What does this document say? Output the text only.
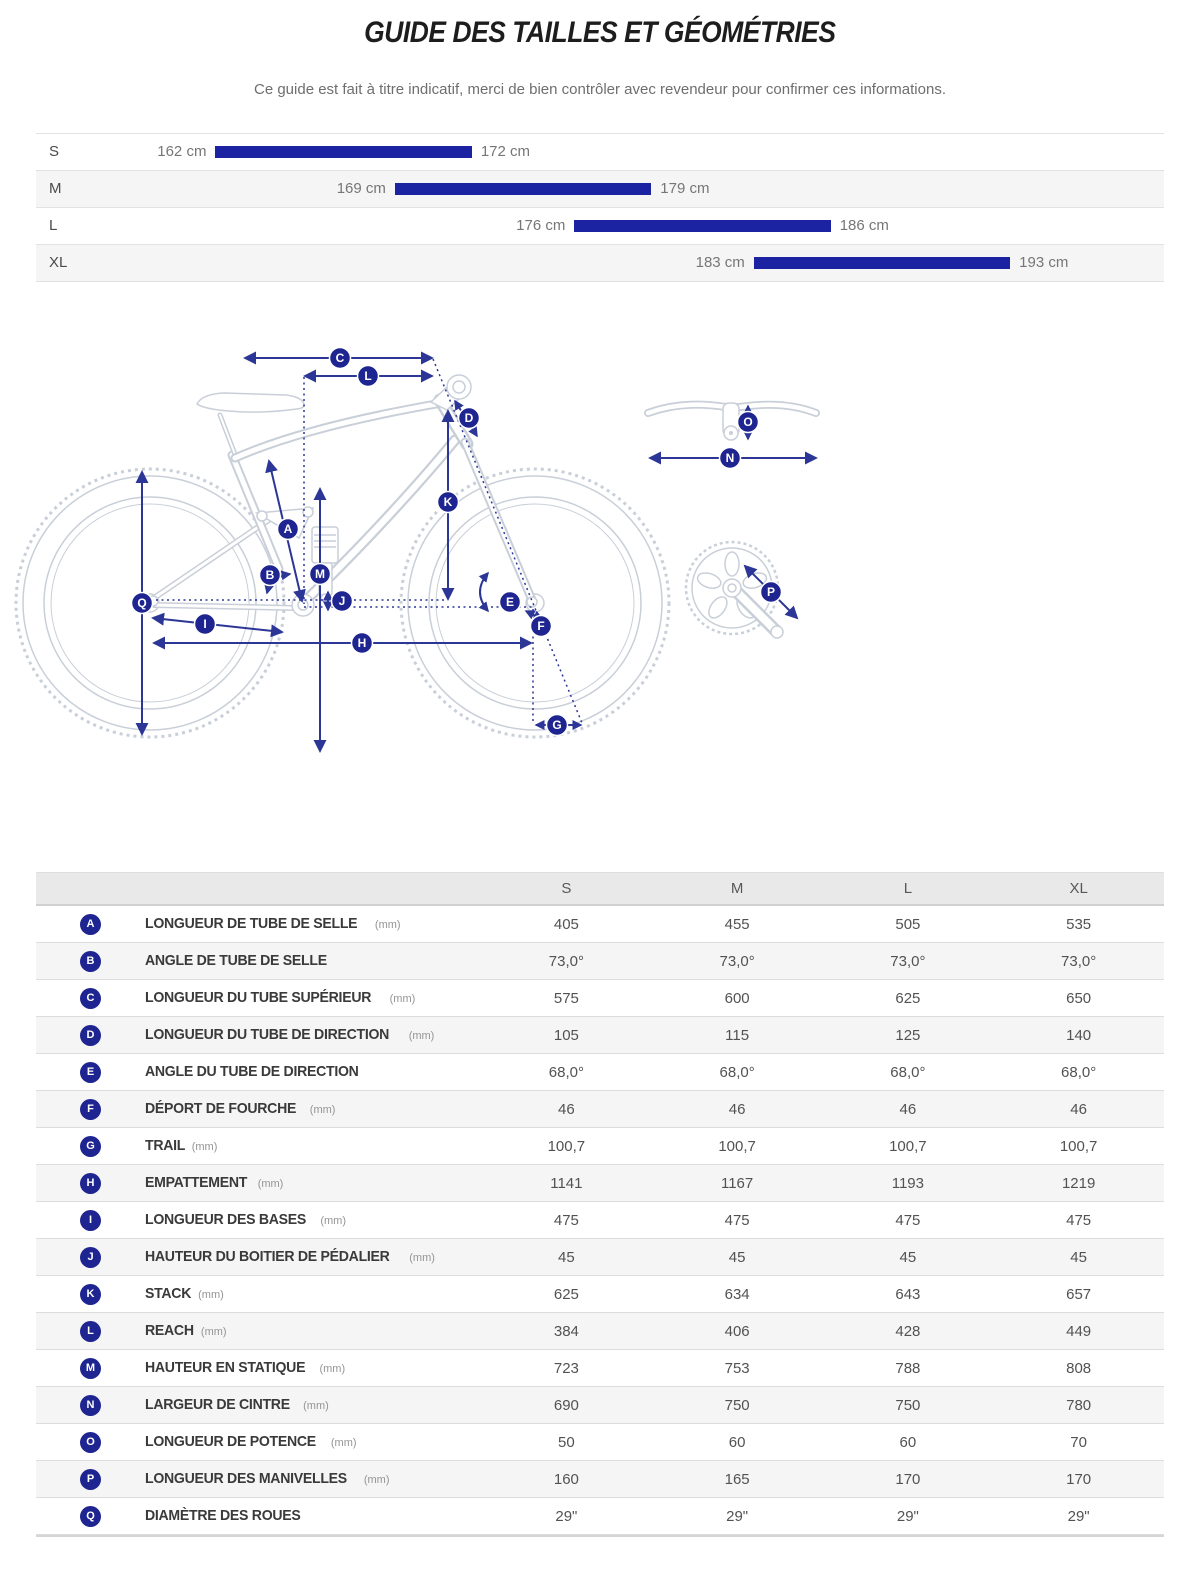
GUIDE DES TAILLES ET GÉOMÉTRIES

Ce guide est fait à titre indicatif, merci de bien contrôler avec revendeur pour confirmer ces informations.

S	162 cm	172 cm
M	169 cm	179 cm
L	176 cm	186 cm
XL	183 cm	193 cm
A
B
C
D
E
F
G
H
I
J
K
L
M
N
O
P
Q
S	M	L	XL
A	LONGUEUR DE TUBE DE SELLE (mm)	405	455	505	535
B	ANGLE DE TUBE DE SELLE	73,0°	73,0°	73,0°	73,0°
C	LONGUEUR DU TUBE SUPÉRIEUR (mm)	575	600	625	650
D	LONGUEUR DU TUBE DE DIRECTION (mm)	105	115	125	140
E	ANGLE DU TUBE DE DIRECTION	68,0°	68,0°	68,0°	68,0°
F	DÉPORT DE FOURCHE (mm)	46	46	46	46
G	TRAIL (mm)	100,7	100,7	100,7	100,7
H	EMPATTEMENT (mm)	1141	1167	1193	1219
I	LONGUEUR DES BASES (mm)	475	475	475	475
J	HAUTEUR DU BOITIER DE PÉDALIER (mm)	45	45	45	45
K	STACK (mm)	625	634	643	657
L	REACH (mm)	384	406	428	449
M	HAUTEUR EN STATIQUE (mm)	723	753	788	808
N	LARGEUR DE CINTRE (mm)	690	750	750	780
O	LONGUEUR DE POTENCE (mm)	50	60	60	70
P	LONGUEUR DES MANIVELLES (mm)	160	165	170	170
Q	DIAMÈTRE DES ROUES	29"	29"	29"	29"
